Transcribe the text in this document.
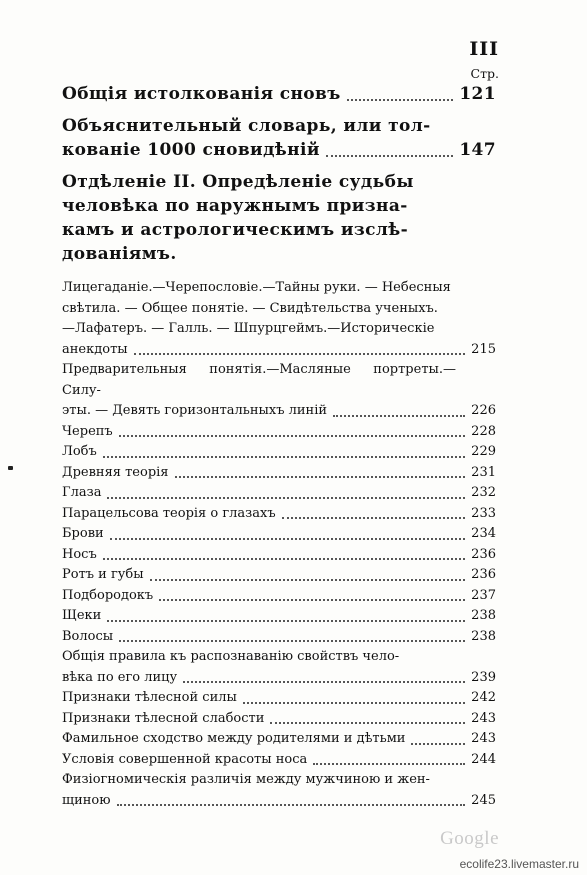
III
Стр.
Общія истолкованія сновъ	121
Объяснительный словарь, или тол-
кованіе 1000 сновидѣній	147
Отдѣленіе II. Опредѣленіе судьбы
человѣка по наружнымъ призна-
камъ и астрологическимъ изслѣ-
дованіямъ.
Лицегаданіе.—Черепословіе.—Тайны руки. — Небесныя
свѣтила. — Общее понятіе. — Свидѣтельства ученыхъ.
—Лафатеръ. — Галль. — Шпурцгеймъ.—Историческіе
анекдоты	215
Предварительныя понятія.—Масляные портреты.—Силу-
эты. — Девять горизонтальныхъ линій	226
Черепъ	228
Лобъ	229
Древняя теорія	231
Глаза	232
Парацельсова теорія о глазахъ	233
Брови	234
Носъ	236
Ротъ и губы	236
Подбородокъ	237
Щеки	238
Волосы	238
Общія правила къ распознаванію свойствъ чело-
вѣка по его лицу	239
Признаки тѣлесной силы	242
Признаки тѣлесной слабости	243
Фамильное сходство между родителями и дѣтьми	243
Условія совершенной красоты носа	244
Физіогномическія различія между мужчиною и жен-
щиною	245
Google
ecolife23.livemaster.ru
